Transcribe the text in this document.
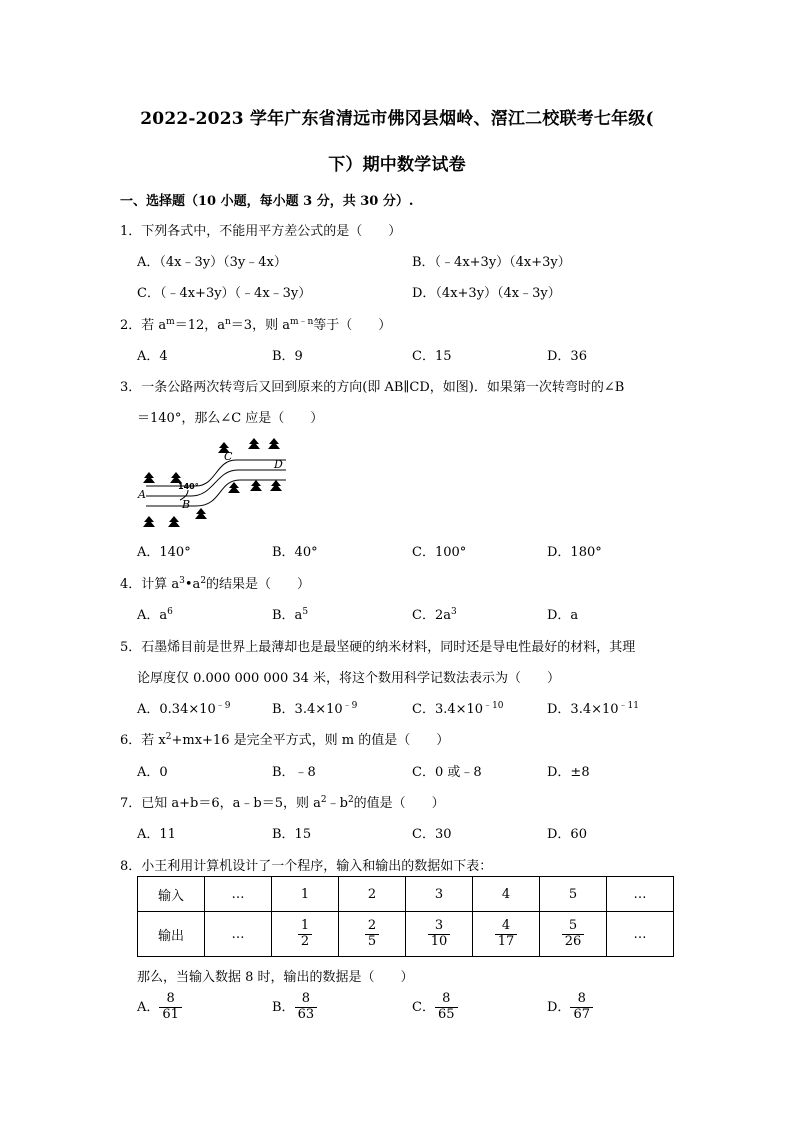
2022-2023 学年广东省清远市佛冈县烟岭、滘江二校联考七年级(
下）期中数学试卷
一、选择题（10 小题，每小题 3 分，共 30 分）.
1．下列各式中，不能用平方差公式的是（　　）
A．（4x﹣3y）（3y﹣4x）	B．（﹣4x+3y）（4x+3y）
C．（﹣4x+3y）（﹣4x﹣3y）	D．（4x+3y）（4x﹣3y）
2．若 $a^m=12$，$a^n=3$，则 $a^{m﹣n}$等于（　　）
A．4	B．9	C．15	D．36
3．一条公路两次转弯后又回到原来的方向(即 AB∥CD，如图)．如果第一次转弯时的∠B
＝140°，那么∠C 应是（　　）
A
B
C
D
140°
A．140°	B．40°	C．100°	D．180°
4．计算 $a^3•a^2$的结果是（　　）
A．$a^6$	B．$a^5$	C．$2a^3$	D．a
5．石墨烯目前是世界上最薄却也是最坚硬的纳米材料，同时还是导电性最好的材料，其理
论厚度仅 0.000 000 000 34 米，将这个数用科学记数法表示为（　　）
A．$0.34\times 10^{﹣9}$	B．$3.4\times 10^{﹣9}$	C．$3.4\times 10^{﹣10}$	D．$3.4\times 10^{﹣11}$
6．若 $x^2+mx+16$ 是完全平方式，则 m 的值是（　　）
A．0	B．﹣8	C．0 或﹣8	D．±8
7．已知 a+b＝6，a﹣b＝5，则 $a^2﹣b^2$的值是（　　）
A．11	B．15	C．30	D．60
8．小王利用计算机设计了一个程序，输入和输出的数据如下表：
输入	…	1	2	3	4	5	…
输出	…	$\frac{1}{2}$	$\frac{2}{5}$	$\frac{3}{10}$	$\frac{4}{17}$	$\frac{5}{26}$	…
那么，当输入数据 8 时，输出的数据是（　　）
A． $\frac{8}{61}$	B． $\frac{8}{63}$	C． $\frac{8}{65}$	D． $\frac{8}{67}$
